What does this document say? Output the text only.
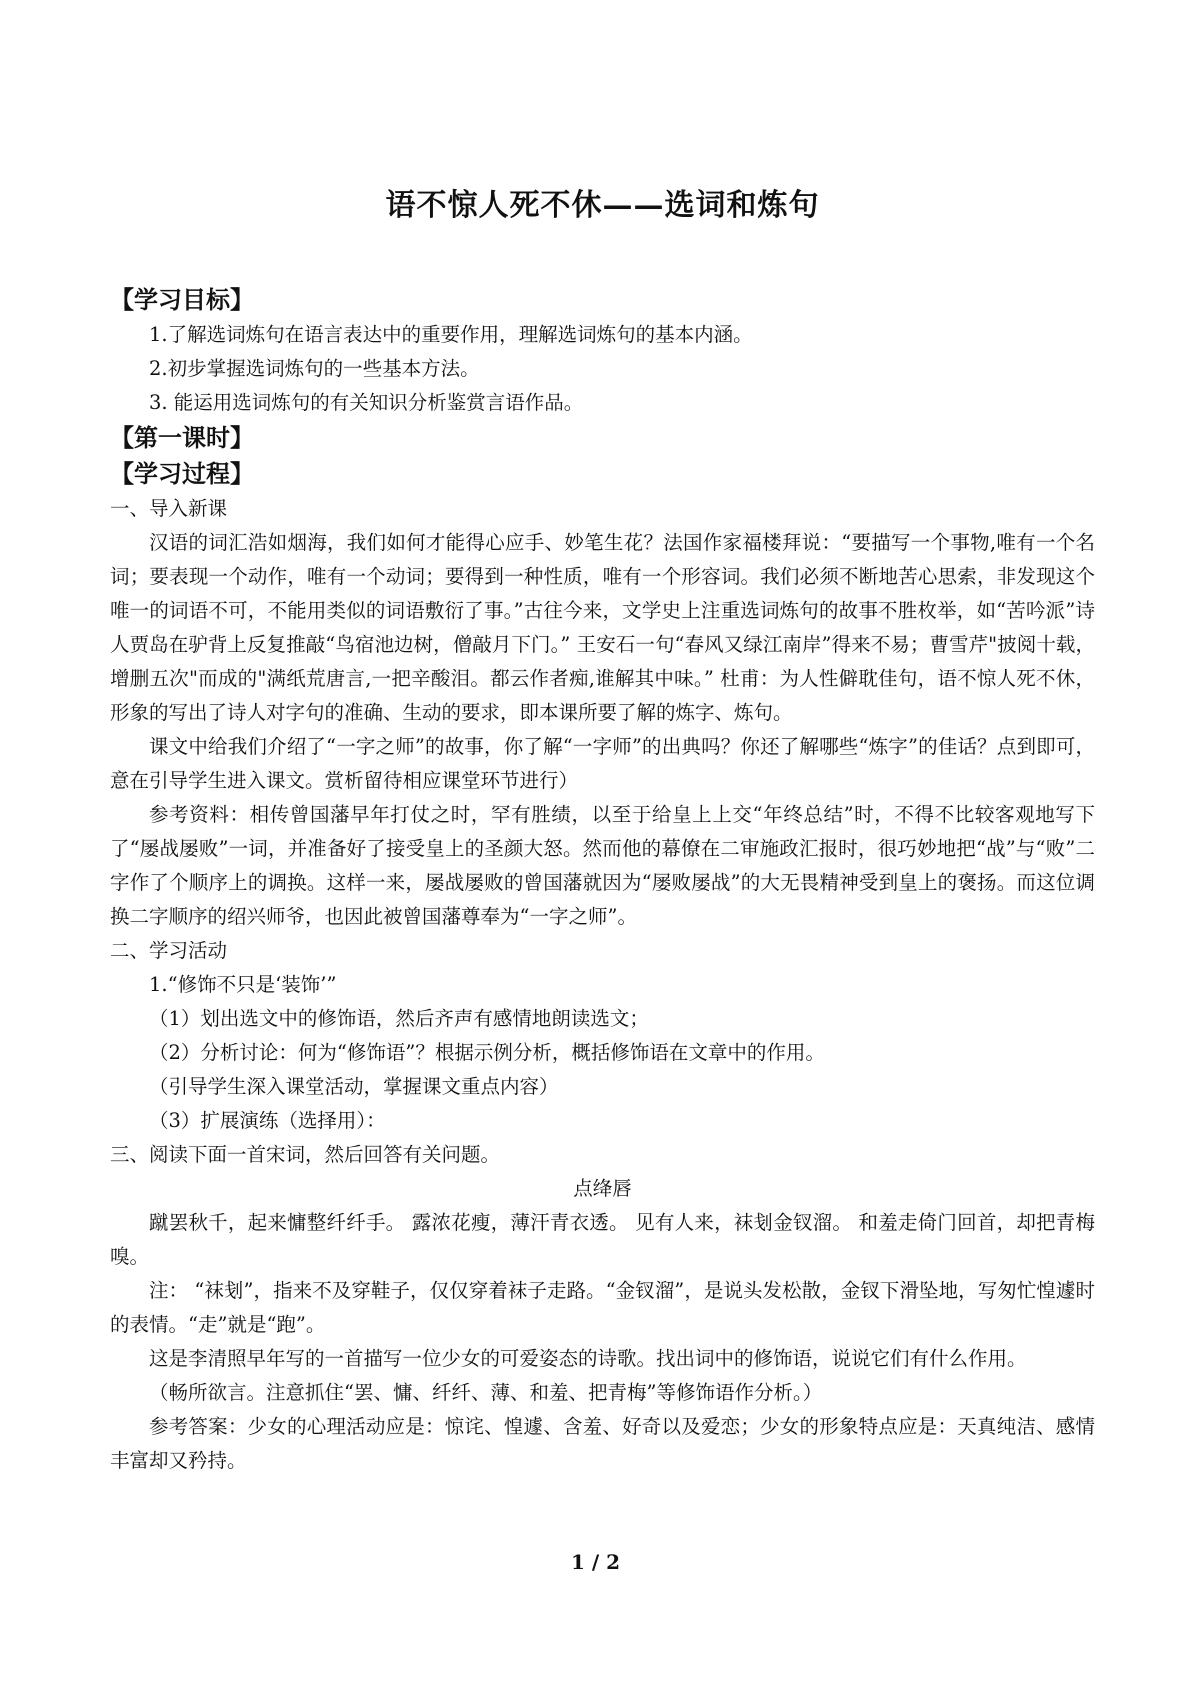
语不惊人死不休——选词和炼句
【学习目标】

1.了解选词炼句在语言表达中的重要作用，理解选词炼句的基本内涵。

2.初步掌握选词炼句的一些基本方法。

3. 能运用选词炼句的有关知识分析鉴赏言语作品。

【第一课时】
【学习过程】

一、导入新课

汉语的词汇浩如烟海，我们如何才能得心应手、妙笔生花？法国作家福楼拜说：“要描写一个事物,唯有一个名词；要表现一个动作，唯有一个动词；要得到一种性质，唯有一个形容词。我们必须不断地苦心思索，非发现这个唯一的词语不可，不能用类似的词语敷衍了事。”古往今来，文学史上注重选词炼句的故事不胜枚举，如“苦吟派”诗人贾岛在驴背上反复推敲“鸟宿池边树，僧敲月下门。” 王安石一句“春风又绿江南岸”得来不易；曹雪芹"披阅十载，增删五次"而成的"满纸荒唐言,一把辛酸泪。都云作者痴,谁解其中味。” 杜甫：为人性僻耽佳句，语不惊人死不休，形象的写出了诗人对字句的准确、生动的要求，即本课所要了解的炼字、炼句。

课文中给我们介绍了“一字之师”的故事，你了解“一字师”的出典吗？你还了解哪些“炼字”的佳话？点到即可，意在引导学生进入课文。赏析留待相应课堂环节进行）

参考资料：相传曾国藩早年打仗之时，罕有胜绩，以至于给皇上上交“年终总结”时，不得不比较客观地写下了“屡战屡败”一词，并准备好了接受皇上的圣颜大怒。然而他的幕僚在二审施政汇报时，很巧妙地把“战”与“败”二字作了个顺序上的调换。这样一来，屡战屡败的曾国藩就因为“屡败屡战”的大无畏精神受到皇上的褒扬。而这位调换二字顺序的绍兴师爷，也因此被曾国藩尊奉为“一字之师”。

二、学习活动

1.“修饰不只是‘装饰’”

（1）划出选文中的修饰语，然后齐声有感情地朗读选文；

（2）分析讨论：何为“修饰语”？根据示例分析，概括修饰语在文章中的作用。

（引导学生深入课堂活动，掌握课文重点内容）

（3）扩展演练（选择用）：

三、阅读下面一首宋词，然后回答有关问题。

点绛唇

蹴罢秋千，起来慵整纤纤手。 露浓花瘦，薄汗青衣透。 见有人来，袜刬金钗溜。 和羞走倚门回首，却把青梅嗅。

注： “袜刬”，指来不及穿鞋子，仅仅穿着袜子走路。“金钗溜”，是说头发松散，金钗下滑坠地，写匆忙惶遽时的表情。“走”就是“跑”。

这是李清照早年写的一首描写一位少女的可爱姿态的诗歌。找出词中的修饰语，说说它们有什么作用。

（畅所欲言。注意抓住“罢、慵、纤纤、薄、和羞、把青梅”等修饰语作分析。）

参考答案：少女的心理活动应是：惊诧、惶遽、含羞、好奇以及爱恋；少女的形象特点应是：天真纯洁、感情丰富却又矜持。

1 / 2
